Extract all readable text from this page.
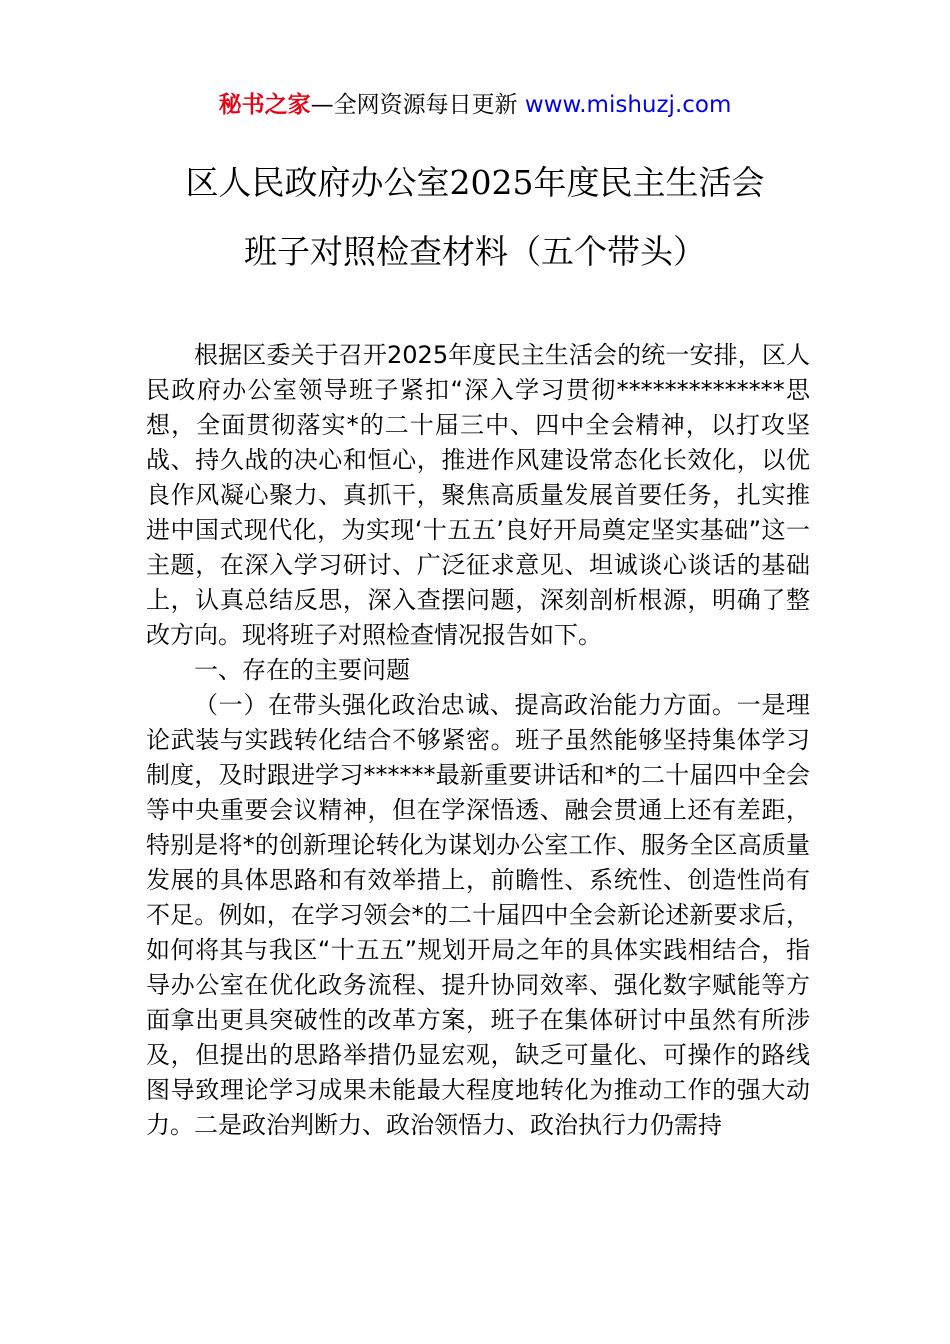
秘书之家—全网资源每日更新 www.mishuzj.com
区人民政府办公室2025年度民主生活会
班子对照检查材料（五个带头）

根据区委关于召开2025年度民主生活会的统一安排，区人民政府办公室领导班子紧扣“深入学习贯彻**************思想，全面贯彻落实*的二十届三中、四中全会精神，以打攻坚战、持久战的决心和恒心，推进作风建设常态化长效化，以优良作风凝心聚力、真抓干，聚焦高质量发展首要任务，扎实推进中国式现代化，为实现‘十五五’良好开局奠定坚实基础”这一主题，在深入学习研讨、广泛征求意见、坦诚谈心谈话的基础上，认真总结反思，深入查摆问题，深刻剖析根源，明确了整改方向。现将班子对照检查情况报告如下。

一、存在的主要问题

（一）在带头强化政治忠诚、提高政治能力方面。一是理论武装与实践转化结合不够紧密。班子虽然能够坚持集体学习制度，及时跟进学习******最新重要讲话和*的二十届四中全会等中央重要会议精神，但在学深悟透、融会贯通上还有差距，特别是将*的创新理论转化为谋划办公室工作、服务全区高质量发展的具体思路和有效举措上，前瞻性、系统性、创造性尚有不足。例如，在学习领会*的二十届四中全会新论述新要求后，如何将其与我区“十五五”规划开局之年的具体实践相结合，指导办公室在优化政务流程、提升协同效率、强化数字赋能等方面拿出更具突破性的改革方案，班子在集体研讨中虽然有所涉及，但提出的思路举措仍显宏观，缺乏可量化、可操作的路线图导致理论学习成果未能最大程度地转化为推动工作的强大动力。二是政治判断力、政治领悟力、政治执行力仍需持
